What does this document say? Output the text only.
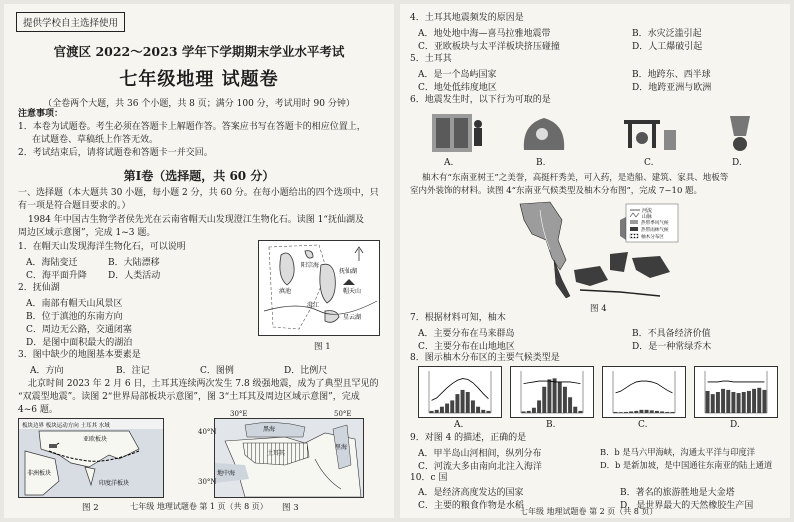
提供学校自主选择使用
官渡区 2022～2023 学年下学期期末学业水平考试
七年级地理 试题卷
（全卷两个大题，共 36 个小题，共 8 页；满分 100 分，考试用时 90 分钟）
注意事项：
1．本卷为试题卷。考生必须在答题卡上解题作答。答案应书写在答题卡的相应位置上，
在试题卷、草稿纸上作答无效。
2．考试结束后，请将试题卷和答题卡一并交回。
第Ⅰ卷（选择题，共 60 分）
一、选择题（本大题共 30 小题，每小题 2 分，共 60 分。在每小题给出的四个选项中，只
有一项是符合题目要求的。）
1984 年中国古生物学者侯先光在云南省帽天山发现澄江生物化石。读图 1“抚仙湖及
周边区域示意图”，完成 1~3 题。
1．在帽天山发现海洋生物化石，可以说明
A．海陆变迁	B．大陆漂移
C．海平面升降 D．人类活动
2．抚仙湖
A．南部有帽天山风景区
B．位于滇池的东南方向
C．周边无公路，交通闭塞
D．是图中面积最大的湖泊
3．图中缺少的地图基本要素是
A．方向	B．注记	C．图例	D．比例尺
北京时间 2023 年 2 月 6 日，土耳其连续两次发生 7.8 级强地震，成为了典型且罕见的
“双震型地震”。读图 2“世界局部板块示意图”，图 3“土耳其及周边区域示意图”，完成
4~6 题。
滇池
抚仙湖
星云湖
阳宗海
帽天山
澄江
图 1
板块边界 板块运动方向 土耳其 水域
亚欧板块
非洲板块
印度洋板块
图 2
黑海
地中海
土耳其
里海
30°E	50°E
40°N
30°N
图 3
七年级 地理试题卷 第 1 页（共 8 页）
4．土耳其地震频发的原因是
A．地处地中海—喜马拉雅地震带	B．水灾泛滥引起
C．亚欧板块与太平洋板块挤压碰撞	D．人工爆破引起
5．土耳其
A．是一个岛屿国家	B．地跨东、西半球
C．地处低纬度地区	D．地跨亚洲与欧洲
6．地震发生时，以下行为可取的是
A.	B.	C.	D.
柚木有“东南亚树王”之美誉，高挺杆秀美，可入药，是造船、建筑、家具、地板等
室内外装饰的材料。读图 4“东南亚气候类型及柚木分布图”，完成 7~10 题。
河流
山脉
热带季风气候
热带雨林气候
柚木分布区
图 4
7．根据材料可知，柚木
A．主要分布在马来群岛	B．不具备经济价值
C．主要分布在山地地区	D．是一种常绿乔木
8．图示柚木分布区的主要气候类型是
A.	B.	C.	D.
9．对图 4 的描述，正确的是
A．甲半岛山河相间，纵列分布	B．b 是马六甲海峡，沟通太平洋与印度洋
C．河流大多由南向北注入海洋	D．b 是新加坡，是中国通往东南亚的陆上通道
10．c 国
A．是经济高度发达的国家	B．著名的旅游胜地是大金塔
C．主要的粮食作物是水稻	D．是世界最大的天然橡胶生产国
七年级 地理试题卷 第 2 页（共 8 页）
